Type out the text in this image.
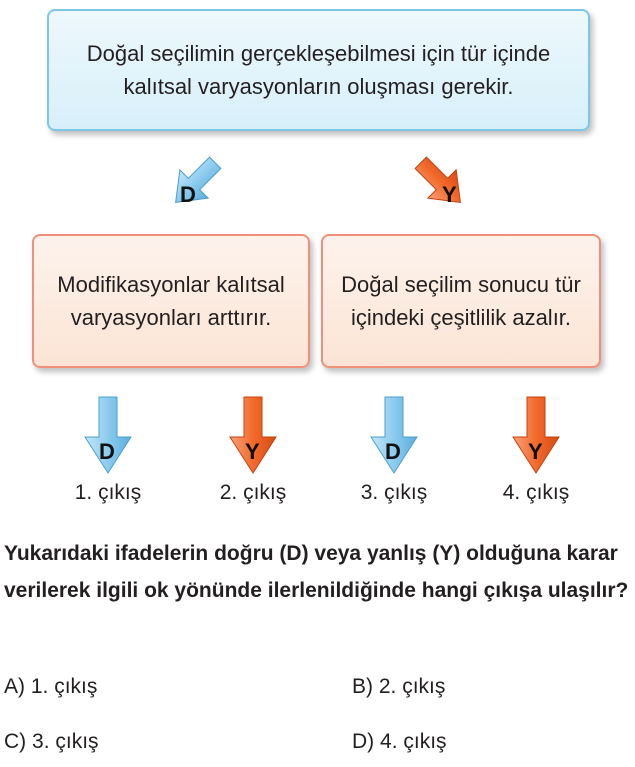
Doğal seçilimin gerçekleşebilmesi için tür içinde kalıtsal varyasyonların oluşması gerekir.
D	Y
Modifikasyonlar kalıtsal varyasyonları arttırır.
Doğal seçilim sonucu tür içindeki çeşitlilik azalır.
D	Y	D	Y
1. çıkış	2. çıkış	3. çıkış	4. çıkış
Yukarıdaki ifadelerin doğru (D) veya yanlış (Y) olduğuna karar verilerek ilgili ok yönünde ilerlenildiğinde hangi çıkışa ulaşılır?
A) 1. çıkış	B) 2. çıkış
C) 3. çıkış	D) 4. çıkış
